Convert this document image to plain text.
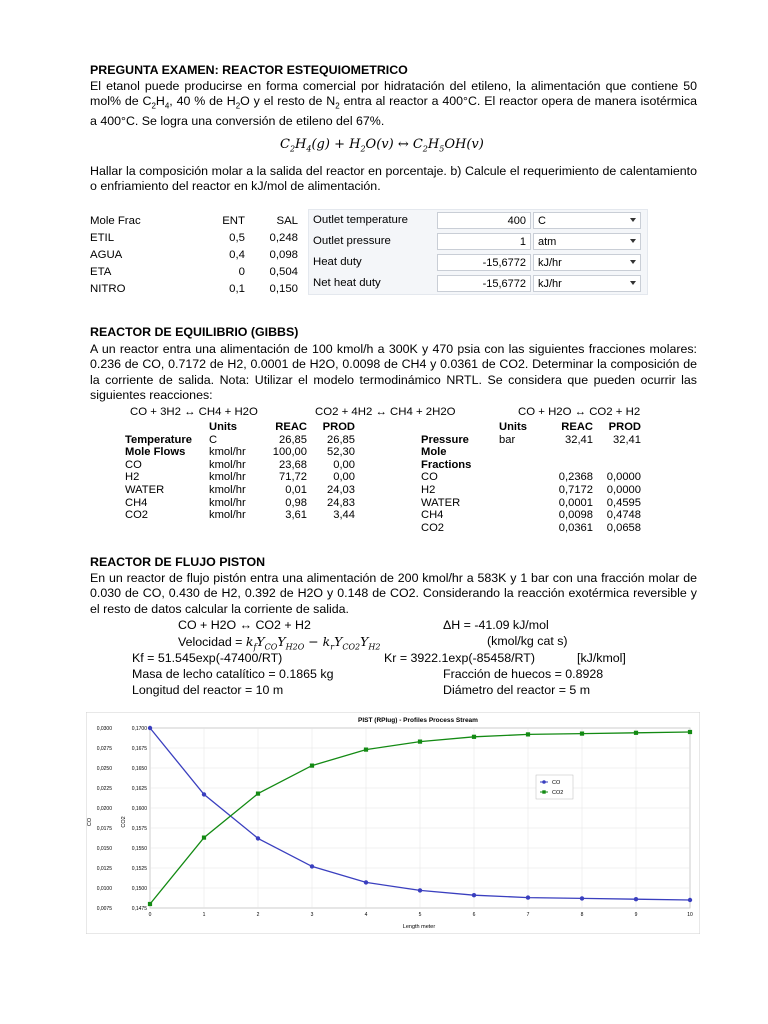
PREGUNTA EXAMEN: REACTOR ESTEQUIOMETRICO
El etanol puede producirse en forma comercial por hidratación del etileno, la alimentación que contiene 50 mol% de $C_2H_4$, 40 % de $H_2O$ y el resto de $N_2$ entra al reactor a 400°C. El reactor opera de manera isotérmica a 400°C. Se logra una conversión de etileno del 67%.
$C_2H_4(g) + H_2O(v)$ ↔ $C_2H_5OH(v)$
Hallar la composición molar a la salida del reactor en porcentaje. b) Calcule el requerimiento de calentamiento o enfriamiento del reactor en kJ/mol de alimentación.
Mole Frac	ENT	SAL
ETIL	0,5	0,248
AGUA	0,4	0,098
ETA	0	0,504
NITRO	0,1	0,150
Outlet temperature	400	C
Outlet pressure	1	atm
Heat duty	-15,6772	kJ/hr
Net heat duty	-15,6772	kJ/hr
REACTOR DE EQUILIBRIO (GIBBS)
A un reactor entra una alimentación de 100 kmol/h a 300K y 470 psia con las siguientes fracciones molares: 0.236 de CO, 0.7172 de H2, 0.0001 de H2O, 0.0098 de CH4 y 0.0361 de CO2. Determinar la composición de la corriente de salida. Nota: Utilizar el modelo termodinámico NRTL. Se considera que pueden ocurrir las siguientes reacciones:
CO + 3H2 ↔ CH4 + H2O	CO2 + 4H2 ↔ CH4 + 2H2O	CO + H2O ↔ CO2 + H2
	Units	REAC	PROD
Temperature	C	26,85	26,85
Mole Flows	kmol/hr	100,00	52,30
CO	kmol/hr	23,68	0,00
H2	kmol/hr	71,72	0,00
WATER	kmol/hr	0,01	24,03
CH4	kmol/hr	0,98	24,83
CO2	kmol/hr	3,61	3,44
	Units	REAC	PROD
Pressure	bar	32,41	32,41
Mole Fractions			
CO		0,2368	0,0000
H2		0,7172	0,0000
WATER		0,0001	0,4595
CH4		0,0098	0,4748
CO2		0,0361	0,0658
REACTOR DE FLUJO PISTON
En un reactor de flujo pistón entra una alimentación de 200 kmol/hr a 583K y 1 bar con una fracción molar de 0.030 de CO, 0.430 de H2, 0.392 de H2O y 0.148 de CO2. Considerando la reacción exotérmica reversible y el resto de datos calcular la corriente de salida.
CO + H2O ↔ CO2 + H2	ΔH = -41.09 kJ/mol
Velocidad = $k_fY_{CO}Y_{H2O} - k_rY_{CO2}Y_{H2}$	(kmol/kg cat s)
Kf = 51.545exp(-47400/RT)	Kr = 3922.1exp(-85458/RT)	[kJ/kmol]
Masa de lecho catalítico = 0.1865 kg	Fracción de huecos = 0.8928
Longitud del reactor = 10 m	Diámetro del reactor = 5 m
PIST (RPlug) - Profiles Process Stream
0,0075	0,1475
0,0100	0,1500
0,0125	0,1525
0,0150	0,1550
0,0175	0,1575
0,0200	0,1600
0,0225	0,1625
0,0250	0,1650
0,0275	0,1675
0,0300	0,1700
0	1	2	3	4	5	6	7	8	9	10
CO	CO2
Length meter
CO
CO2
